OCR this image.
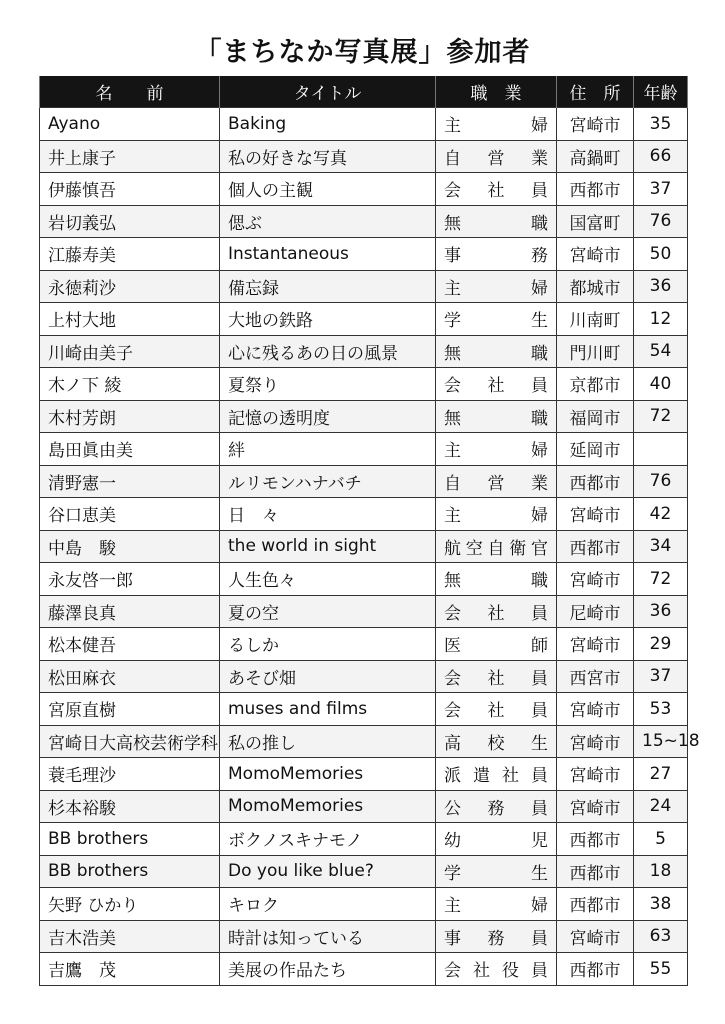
「まちなか写真展」参加者
名　　前	タイトル	職　業	住　所	年齢
Ayano	Baking	主婦	宮崎市	35
井上康子	私の好きな写真	自営業	高鍋町	66
伊藤慎吾	個人の主観	会社員	西都市	37
岩切義弘	偲ぶ	無職	国富町	76
江藤寿美	Instantaneous	事務	宮崎市	50
永徳莉沙	備忘録	主婦	都城市	36
上村大地	大地の鉄路	学生	川南町	12
川崎由美子	心に残るあの日の風景	無職	門川町	54
木ノ下 綾	夏祭り	会社員	京都市	40
木村芳朗	記憶の透明度	無職	福岡市	72
島田眞由美	絆	主婦	延岡市	
清野憲一	ルリモンハナバチ	自営業	西都市	76
谷口恵美	日　々	主婦	宮崎市	42
中島　駿	the world in sight	航空自衛官	西都市	34
永友啓一郎	人生色々	無職	宮崎市	72
藤澤良真	夏の空	会社員	尼崎市	36
松本健吾	るしか	医師	宮崎市	29
松田麻衣	あそび畑	会社員	西宮市	37
宮原直樹	muses and films	会社員	宮崎市	53
宮崎日大高校芸術学科	私の推し	高校生	宮崎市	15~18
蓑毛理沙	MomoMemories	派遣社員	宮崎市	27
杉本裕駿	MomoMemories	公務員	宮崎市	24
BB brothers	ボクノスキナモノ	幼児	西都市	5
BB brothers	Do you like blue?	学生	西都市	18
矢野 ひかり	キロク	主婦	西都市	38
吉木浩美	時計は知っている	事務員	宮崎市	63
吉鷹　茂	美展の作品たち	会社役員	西都市	55
